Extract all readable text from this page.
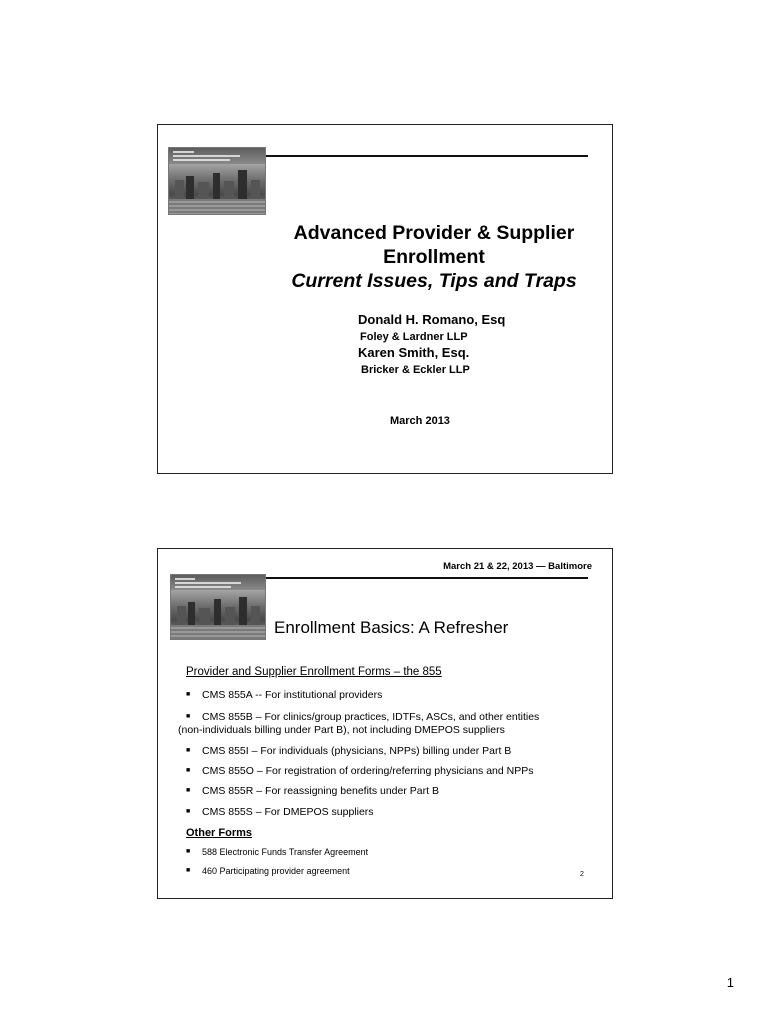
Advanced Provider & Supplier
Enrollment
Current Issues, Tips and Traps
Donald H. Romano, Esq
Foley & Lardner LLP
Karen Smith, Esq.
Bricker & Eckler LLP
March 2013
March 21 & 22, 2013 — Baltimore
Enrollment Basics: A Refresher
Provider and Supplier Enrollment Forms – the 855
■ CMS 855A -- For institutional providers
■ CMS 855B – For clinics/group practices, IDTFs, ASCs, and other entities
(non-individuals billing under Part B), not including DMEPOS suppliers
■ CMS 855I – For individuals (physicians, NPPs) billing under Part B
■ CMS 855O – For registration of ordering/referring physicians and NPPs
■ CMS 855R – For reassigning benefits under Part B
■ CMS 855S – For DMEPOS suppliers
Other Forms
■ 588 Electronic Funds Transfer Agreement
■ 460 Participating provider agreement	2
1
